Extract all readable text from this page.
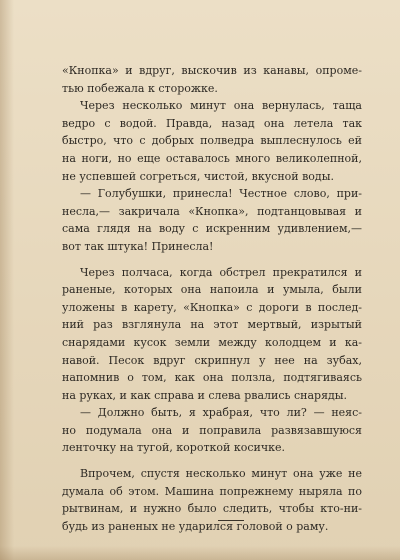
«Кнопка» и вдруг, выскочив из канавы, опроме-
тью побежала к сторожке.
Через несколько минут она вернулась, таща
ведро с водой. Правда, назад она летела так
быстро, что с добрых полведра выплеснулось ей
на ноги, но еще оставалось много великолепной,
не успевшей согреться, чистой, вкусной воды.
— Голубушки, принесла! Честное слово, при-
несла,— закричала «Кнопка», подтанцовывая и
сама глядя на воду с искренним удивлением,—
вот так штука! Принесла!
Через полчаса, когда обстрел прекратился и
раненые, которых она напоила и умыла, были
уложены в карету, «Кнопка» с дороги в послед-
ний раз взглянула на этот мертвый, изрытый
снарядами кусок земли между колодцем и ка-
навой. Песок вдруг скрипнул у нее на зубах,
напомнив о том, как она ползла, подтягиваясь
на руках, и как справа и слева рвались снаряды.
— Должно быть, я храбрая, что ли? — неяс-
но подумала она и поправила развязавшуюся
ленточку на тугой, короткой косичке.
Впрочем, спустя несколько минут она уже не
думала об этом. Машина попрежнему ныряла по
рытвинам, и нужно было следить, чтобы кто-ни-
будь из раненых не ударился головой о раму.
